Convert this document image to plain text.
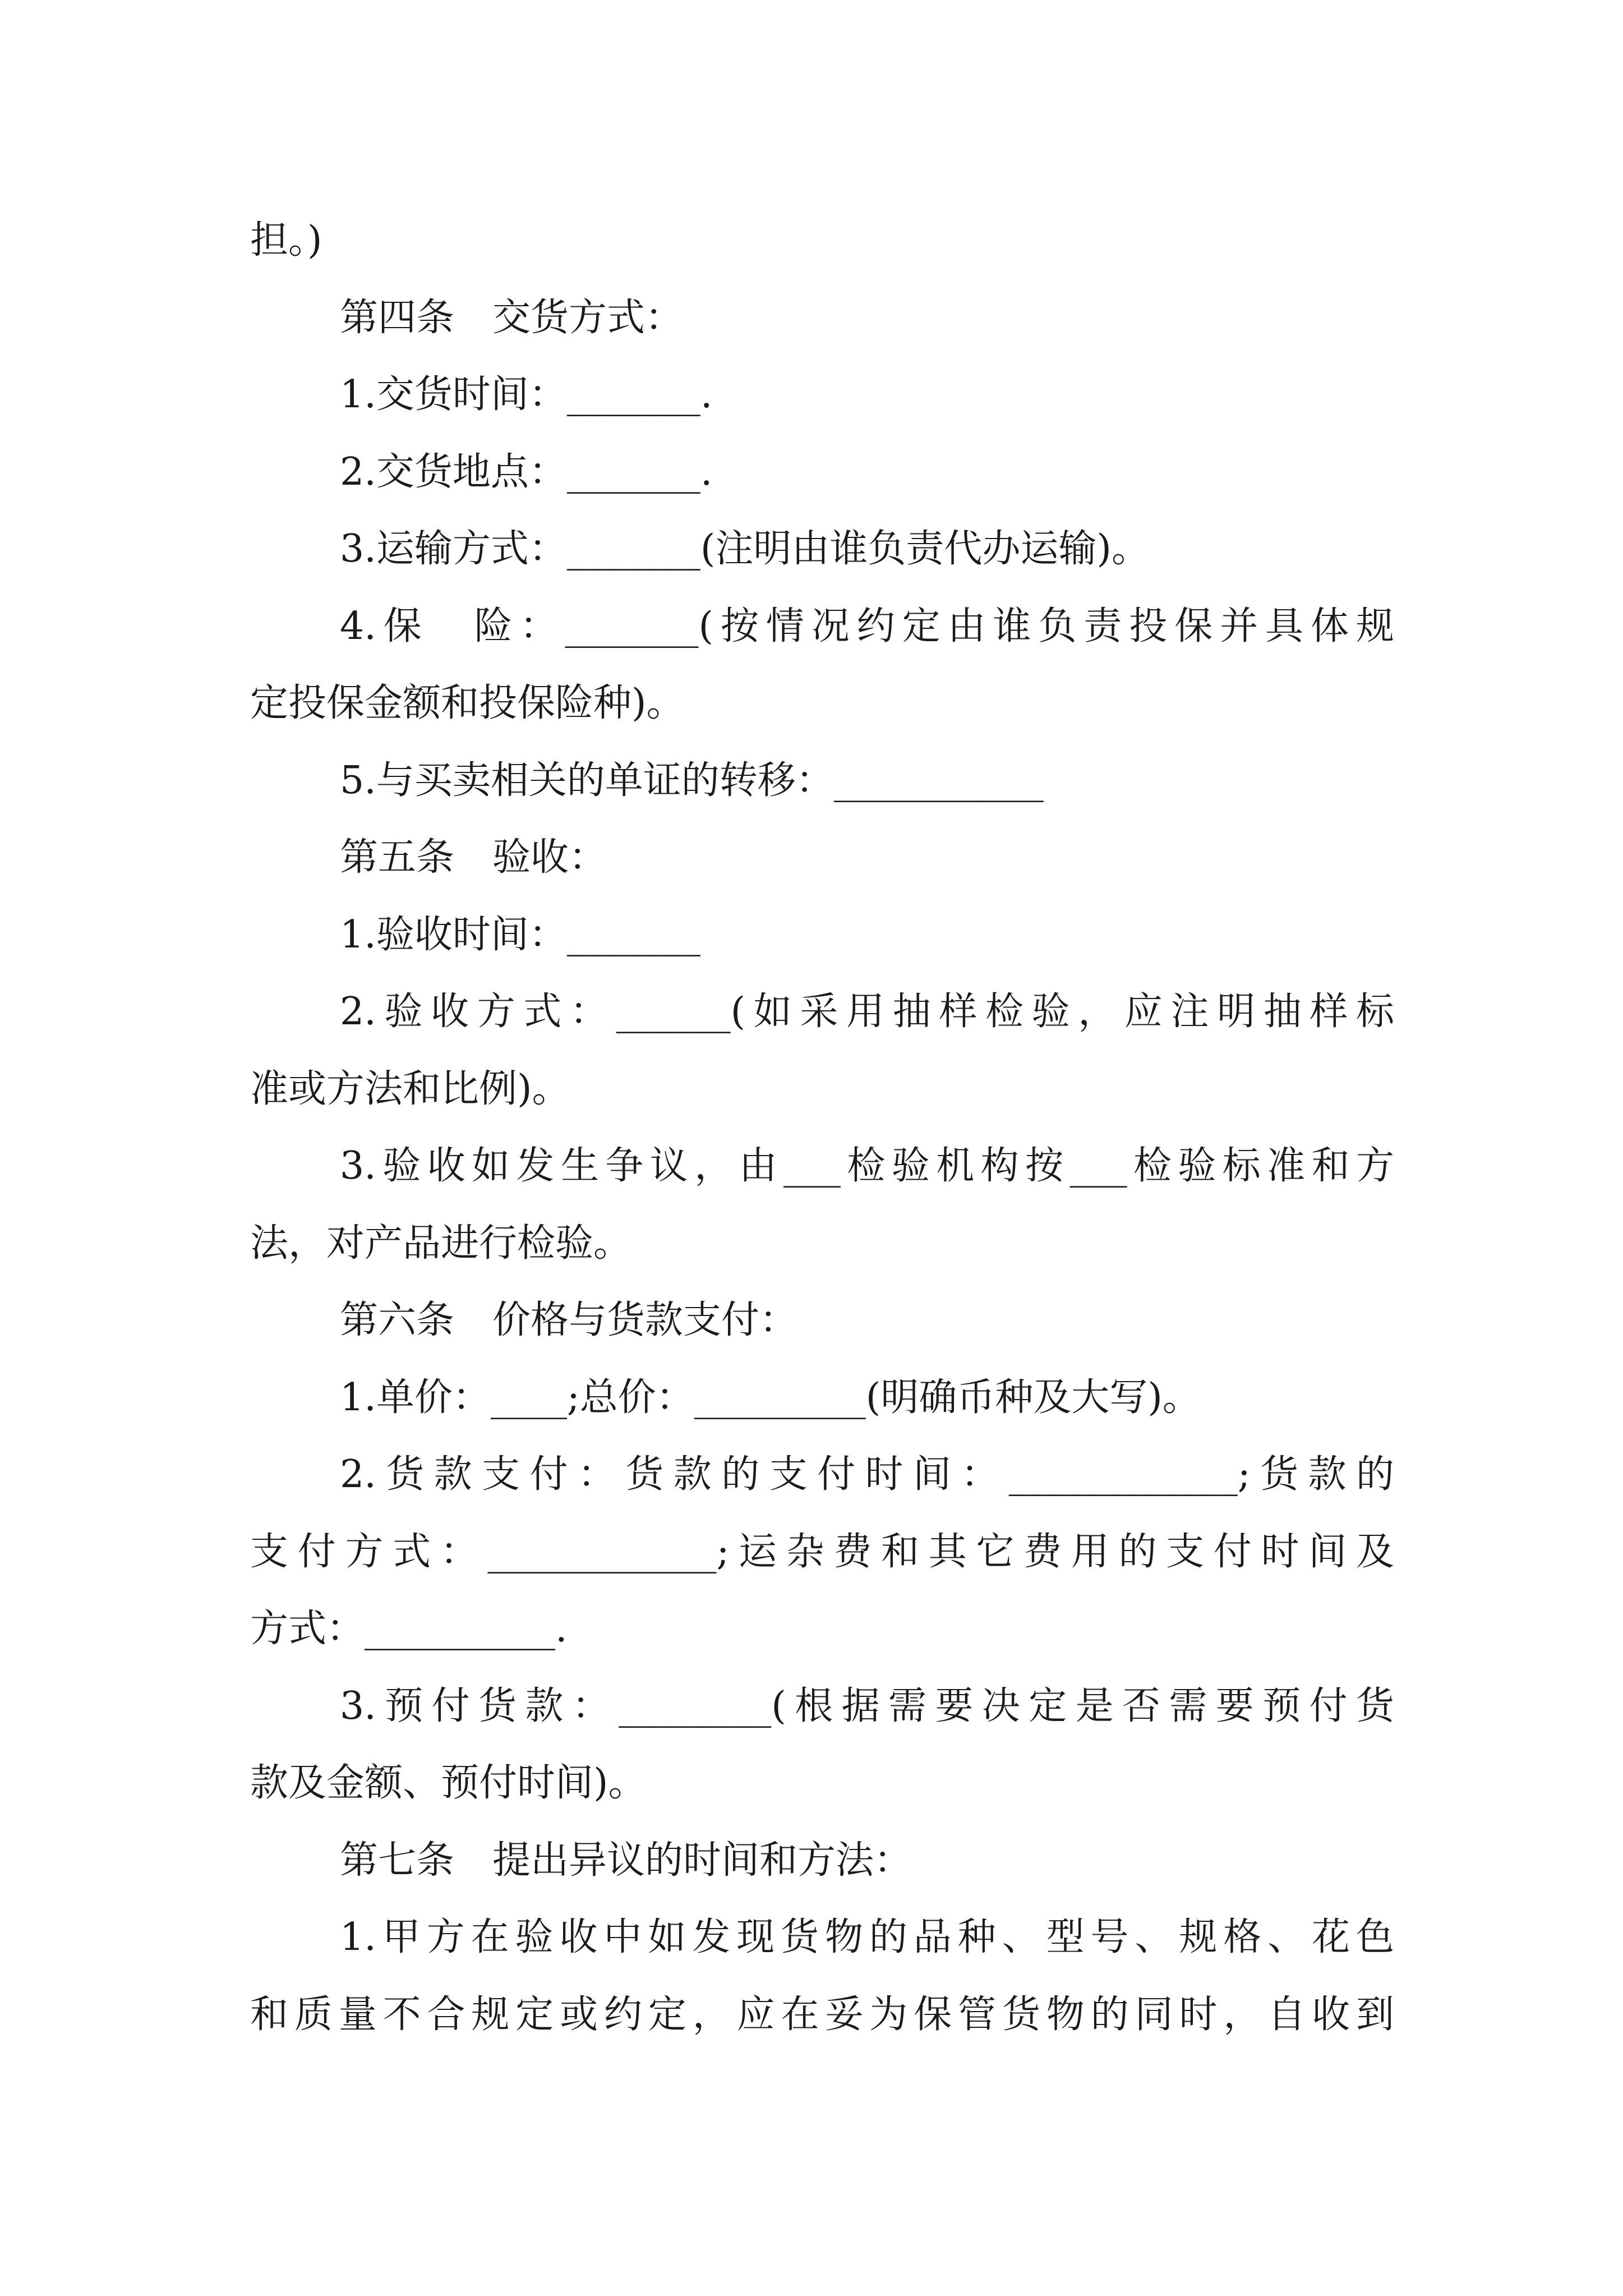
担。)
第四条　交货方式：
1.交货时间：_______.
2.交货地点：_______.
3.运输方式：_______(注明由谁负责代办运输)。
4.保　险：_______(按情况约定由谁负责投保并具体规
定投保金额和投保险种)。
5.与买卖相关的单证的转移：___________
第五条　验收：
1.验收时间：_______
2.验收方式：______(如采用抽样检验，应注明抽样标
准或方法和比例)。
3.验收如发生争议，由___检验机构按___检验标准和方
法，对产品进行检验。
第六条　价格与货款支付：
1.单价：____;总价：_________(明确币种及大写)。
2.货款支付：货款的支付时间：____________;货款的
支付方式：____________;运杂费和其它费用的支付时间及
方式：__________.
3.预付货款：________(根据需要决定是否需要预付货
款及金额、预付时间)。
第七条　提出异议的时间和方法：
1.甲方在验收中如发现货物的品种、型号、规格、花色
和质量不合规定或约定，应在妥为保管货物的同时，自收到
